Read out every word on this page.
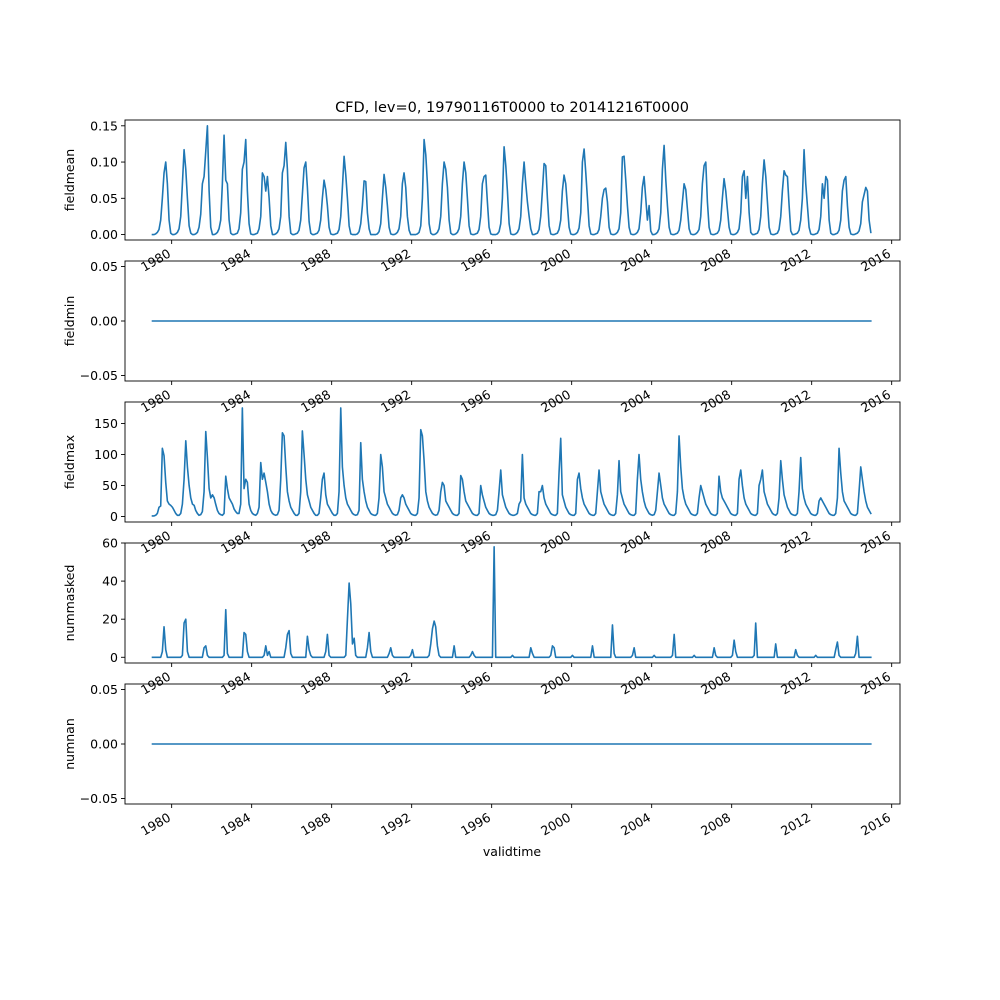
CFD, lev=0, 19790116T0000 to 20141216T0000
validtime
0.00
0.05
0.10
0.15
1980	1984	1988	1992	1996	2000	2004	2008	2012	2016
fieldmean
−0.05
0.00
0.05
1980	1984	1988	1992	1996	2000	2004	2008	2012	2016
fieldmin
0
50
100
150
1980	1984	1988	1992	1996	2000	2004	2008	2012	2016
fieldmax
0
20
40
60
1980	1984	1988	1992	1996	2000	2004	2008	2012	2016
nummasked
−0.05
0.00
0.05
1980	1984	1988	1992	1996	2000	2004	2008	2012	2016
numnan
